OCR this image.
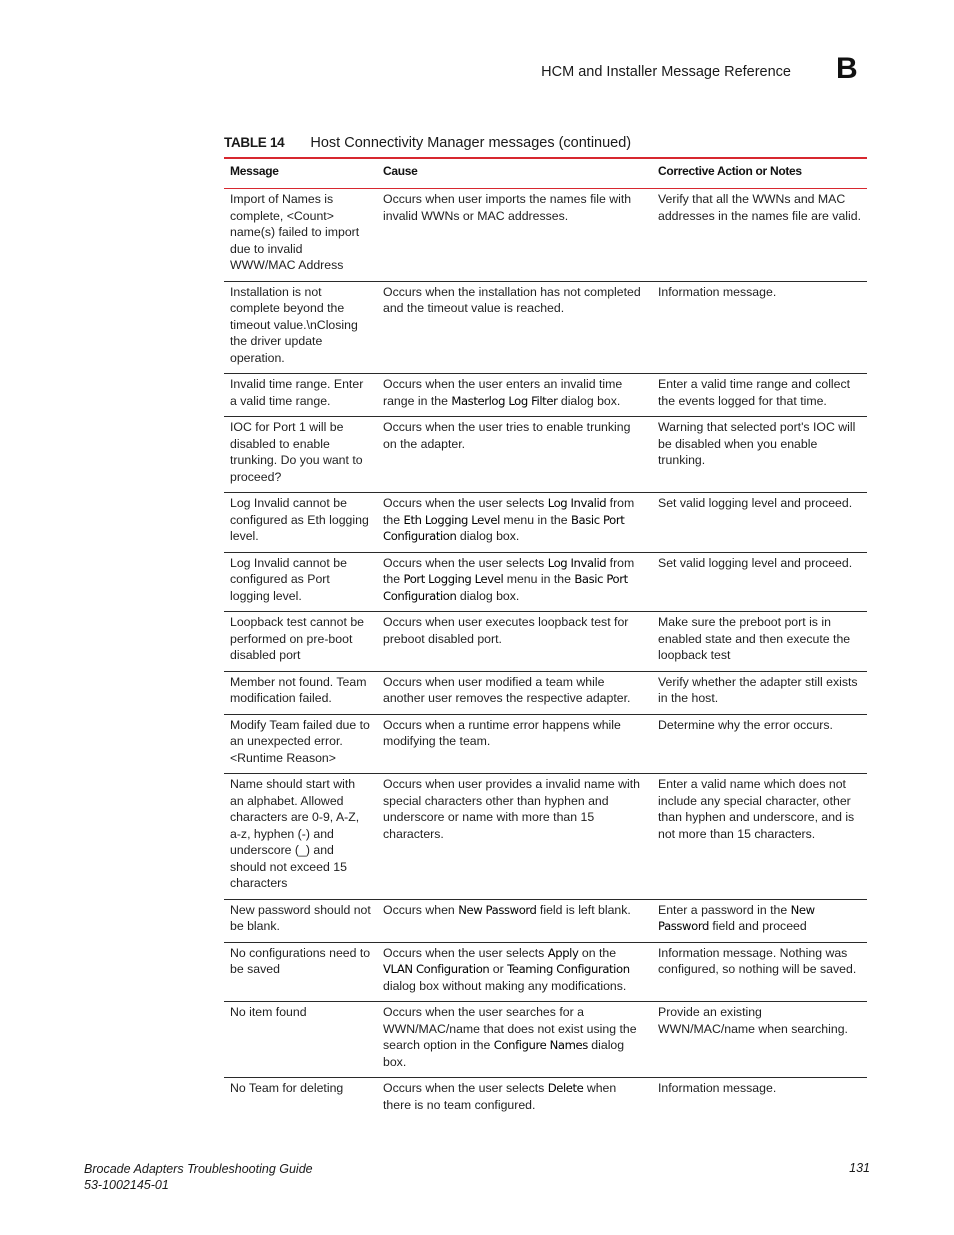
HCM and Installer Message Reference B
TABLE 14 Host Connectivity Manager messages (continued)
Message	Cause	Corrective Action or Notes
Import of Names is complete, <Count> name(s) failed to import due to invalid WWW/MAC Address	Occurs when user imports the names file with invalid WWNs or MAC addresses.	Verify that all the WWNs and MAC addresses in the names file are valid.
Installation is not complete beyond the timeout value.\nClosing the driver update operation.	Occurs when the installation has not completed and the timeout value is reached.	Information message.
Invalid time range. Enter a valid time range.	Occurs when the user enters an invalid time range in the Masterlog Log Filter dialog box.	Enter a valid time range and collect the events logged for that time.
IOC for Port 1 will be disabled to enable trunking. Do you want to proceed?	Occurs when the user tries to enable trunking on the adapter.	Warning that selected port's IOC will be disabled when you enable trunking.
Log Invalid cannot be configured as Eth logging level.	Occurs when the user selects Log Invalid from the Eth Logging Level menu in the Basic Port Configuration dialog box.	Set valid logging level and proceed.
Log Invalid cannot be configured as Port logging level.	Occurs when the user selects Log Invalid from the Port Logging Level menu in the Basic Port Configuration dialog box.	Set valid logging level and proceed.
Loopback test cannot be performed on pre-boot disabled port	Occurs when user executes loopback test for preboot disabled port.	Make sure the preboot port is in enabled state and then execute the loopback test
Member not found. Team modification failed.	Occurs when user modified a team while another user removes the respective adapter.	Verify whether the adapter still exists in the host.
Modify Team failed due to an unexpected error. <Runtime Reason>	Occurs when a runtime error happens while modifying the team.	Determine why the error occurs.
Name should start with an alphabet. Allowed characters are 0-9, A-Z, a-z, hyphen (-) and underscore (_) and should not exceed 15 characters	Occurs when user provides a invalid name with special characters other than hyphen and underscore or name with more than 15 characters.	Enter a valid name which does not include any special character, other than hyphen and underscore, and is not more than 15 characters.
New password should not be blank.	Occurs when New Password field is left blank.	Enter a password in the New Password field and proceed
No configurations need to be saved	Occurs when the user selects Apply on the VLAN Configuration or Teaming Configuration dialog box without making any modifications.	Information message. Nothing was configured, so nothing will be saved.
No item found	Occurs when the user searches for a WWN/MAC/name that does not exist using the search option in the Configure Names dialog box.	Provide an existing WWN/MAC/name when searching.
No Team for deleting	Occurs when the user selects Delete when there is no team configured.	Information message.
Brocade Adapters Troubleshooting Guide
53-1002145-01
131
